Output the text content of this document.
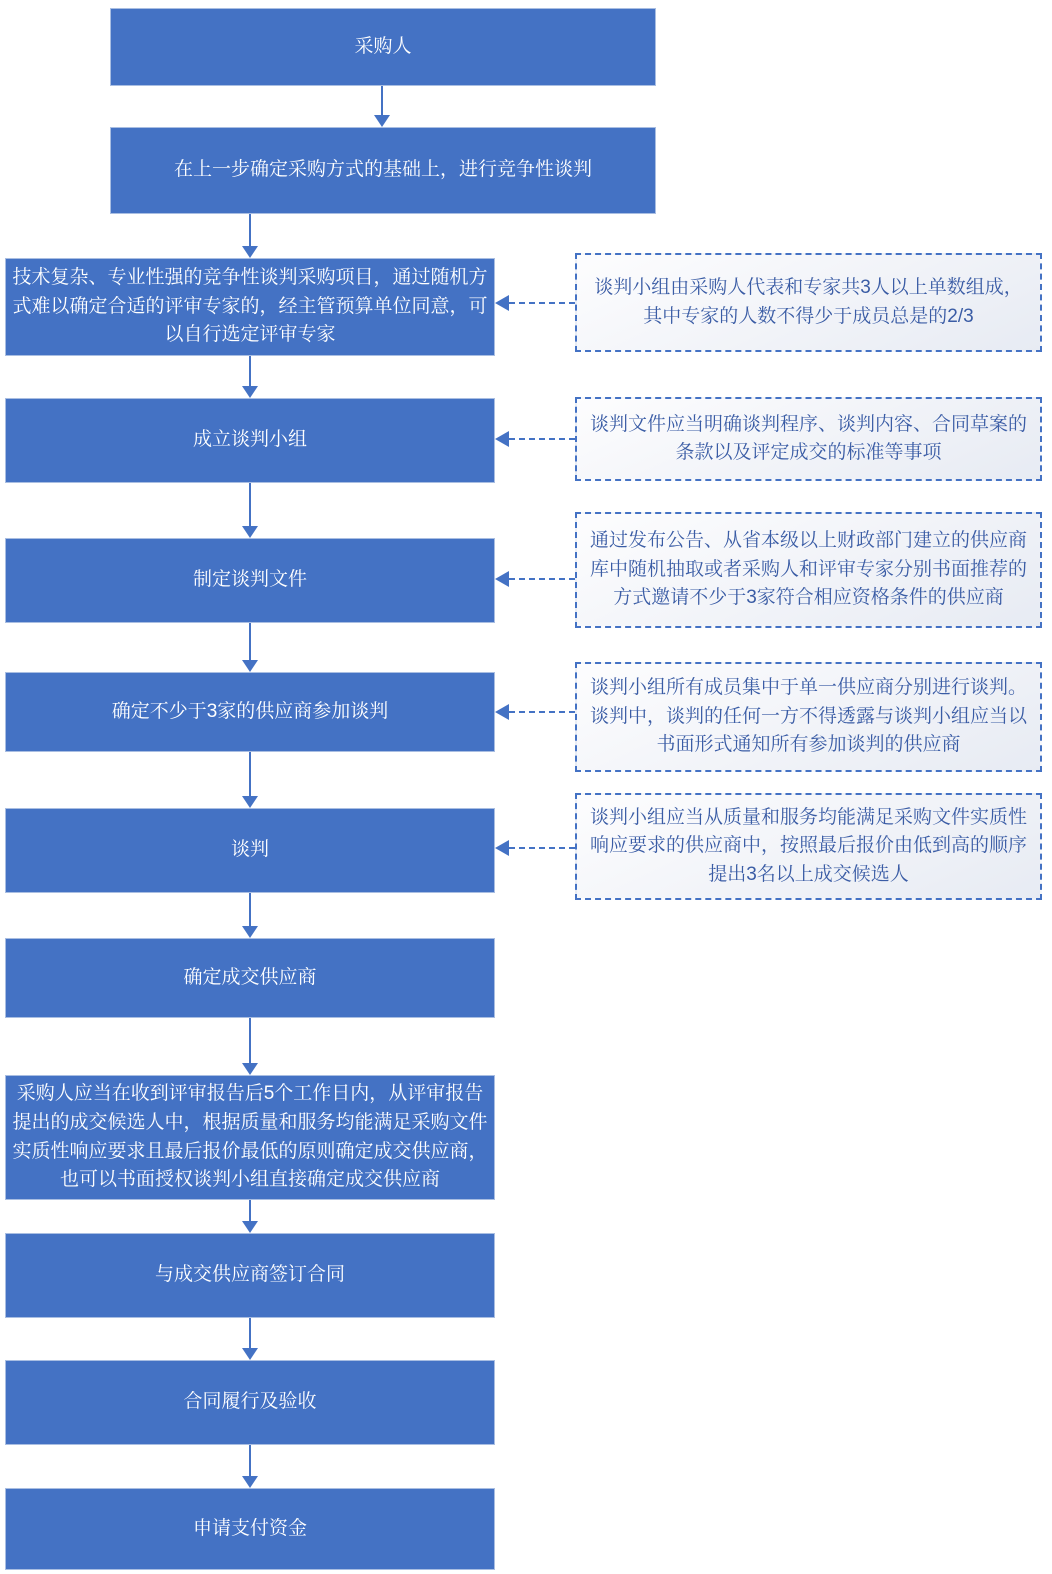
采购人
在上一步确定采购方式的基础上，进行竞争性谈判
技术复杂、专业性强的竞争性谈判采购项目，通过随机方式难以确定合适的评审专家的，经主管预算单位同意，可以自行选定评审专家
成立谈判小组
制定谈判文件
确定不少于3家的供应商参加谈判
谈判
确定成交供应商
采购人应当在收到评审报告后5个工作日内，从评审报告提出的成交候选人中，根据质量和服务均能满足采购文件实质性响应要求且最后报价最低的原则确定成交供应商，也可以书面授权谈判小组直接确定成交供应商
与成交供应商签订合同
合同履行及验收
申请支付资金
谈判小组由采购人代表和专家共3人以上单数组成，其中专家的人数不得少于成员总是的2/3
谈判文件应当明确谈判程序、谈判内容、合同草案的条款以及评定成交的标准等事项
通过发布公告、从省本级以上财政部门建立的供应商库中随机抽取或者采购人和评审专家分别书面推荐的方式邀请不少于3家符合相应资格条件的供应商
谈判小组所有成员集中于单一供应商分别进行谈判。谈判中，谈判的任何一方不得透露与谈判小组应当以书面形式通知所有参加谈判的供应商
谈判小组应当从质量和服务均能满足采购文件实质性响应要求的供应商中，按照最后报价由低到高的顺序提出3名以上成交候选人
